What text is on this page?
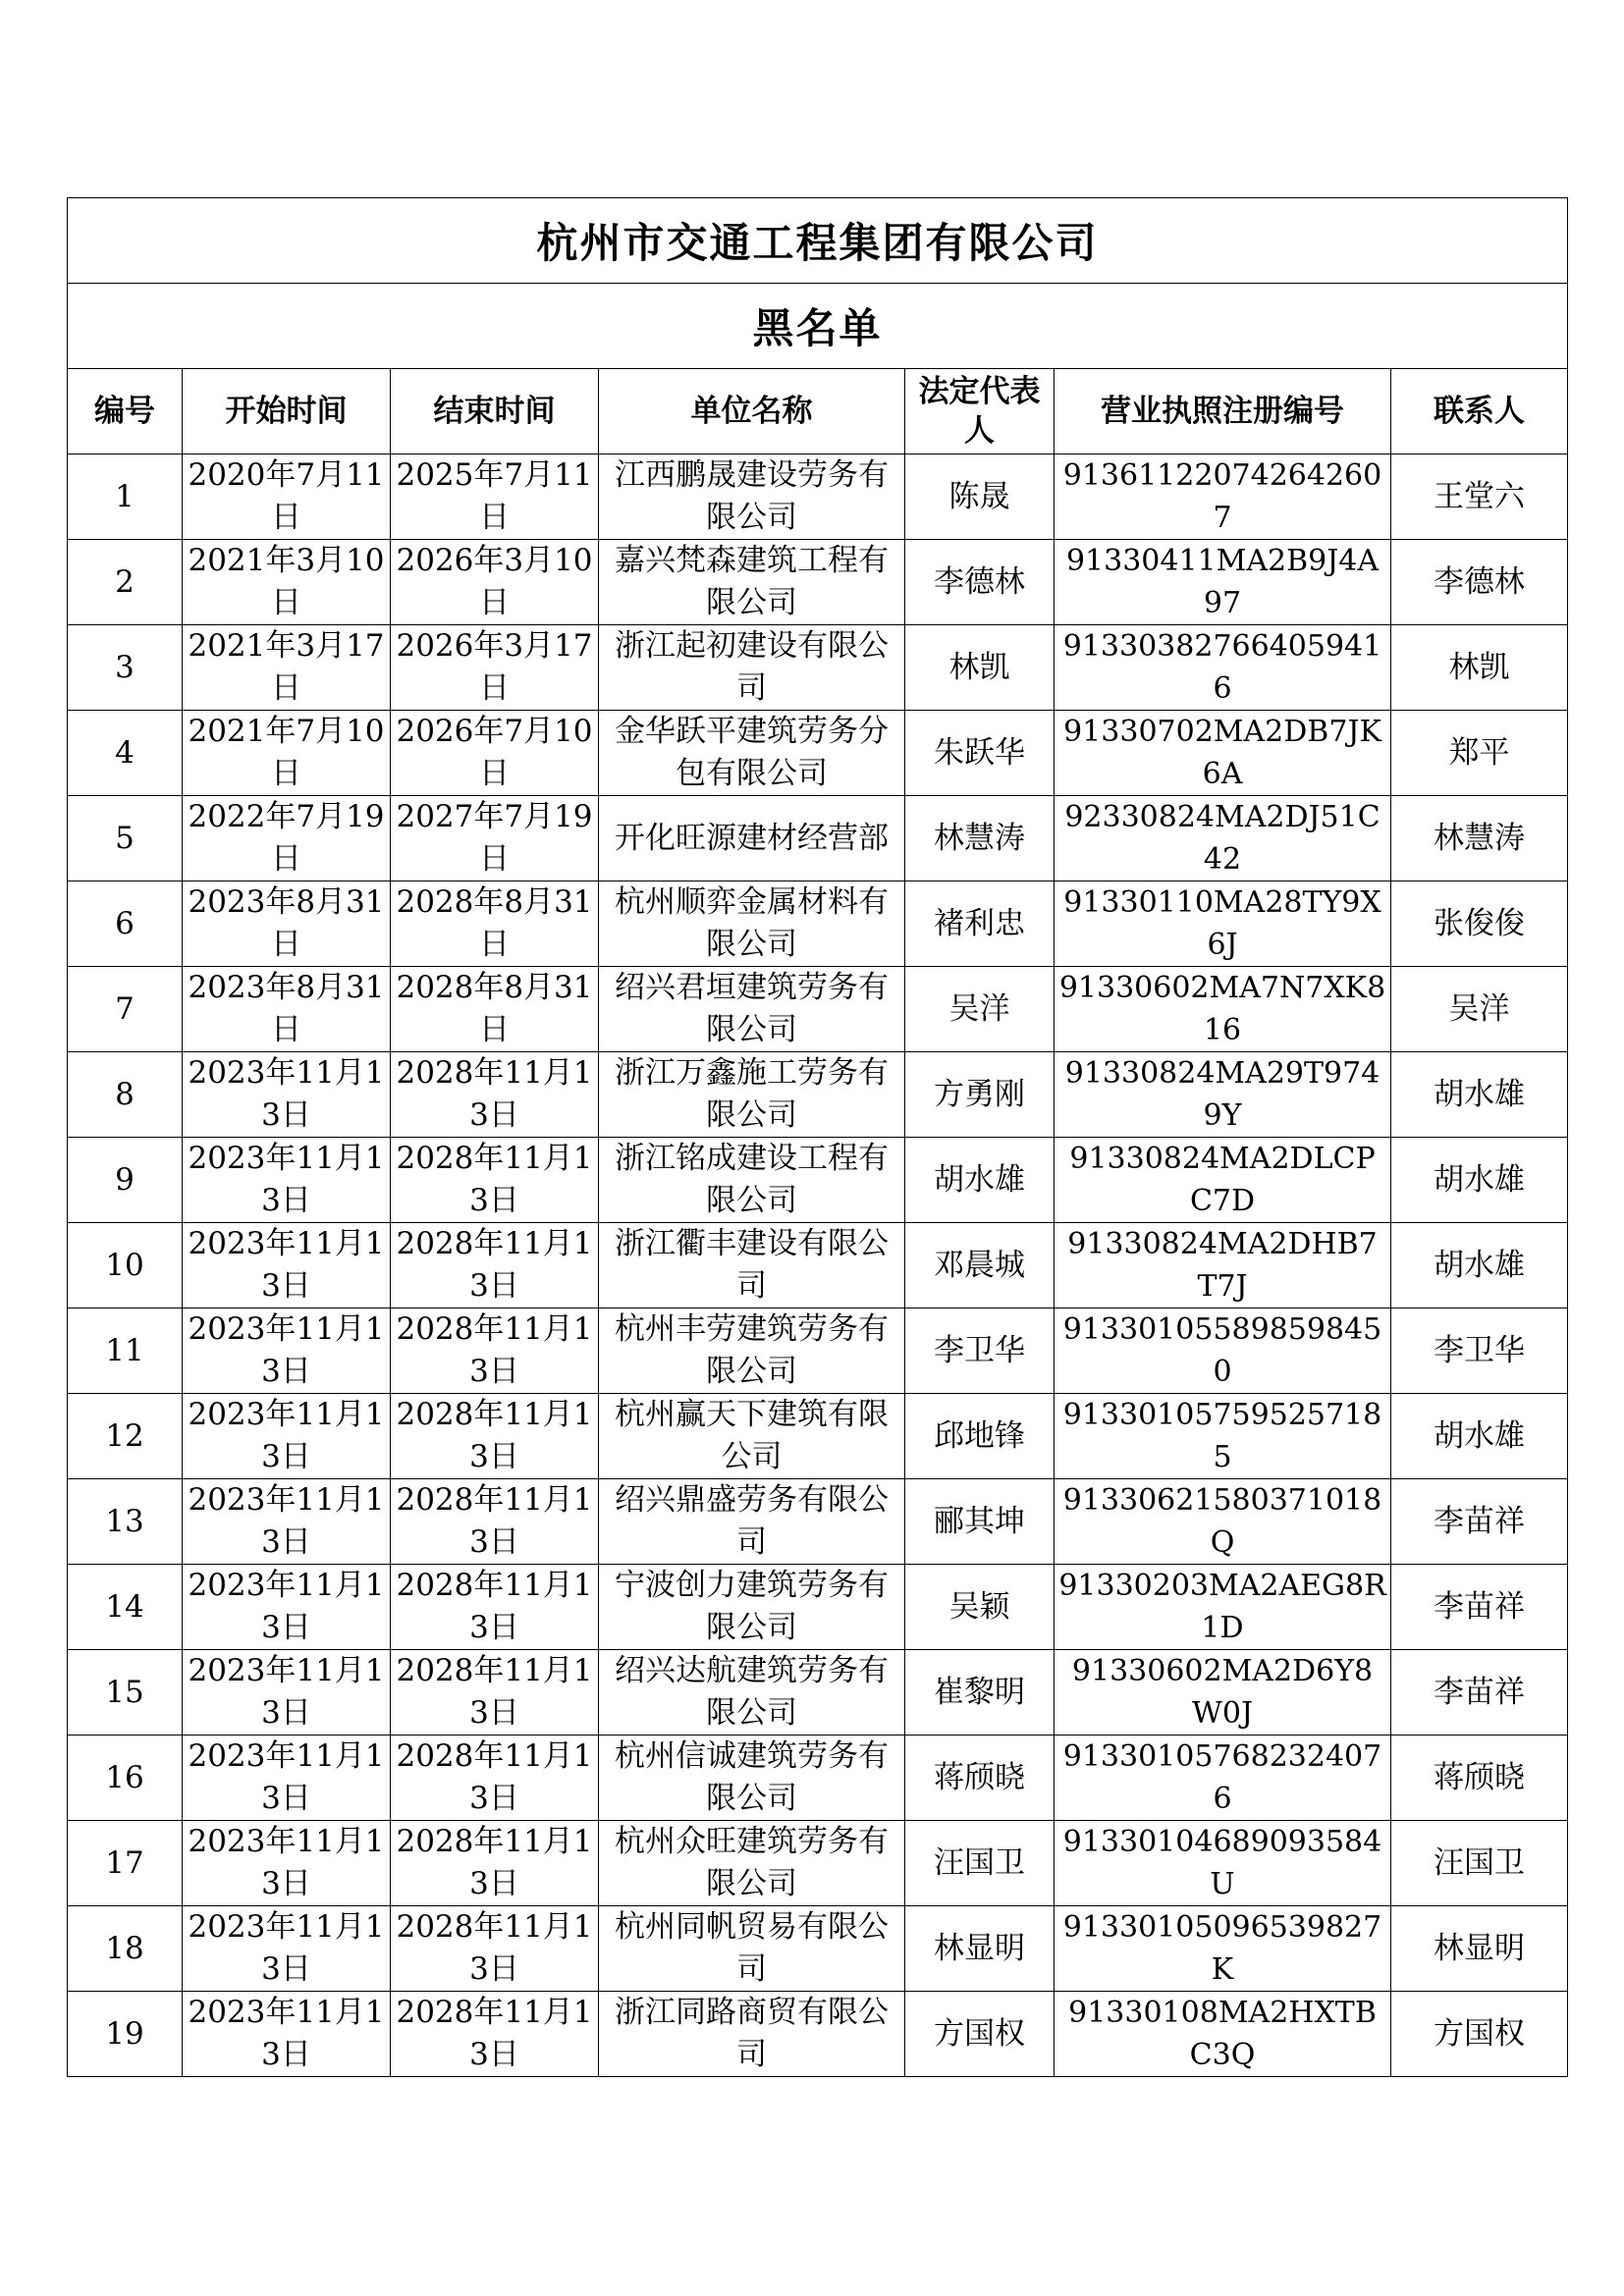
杭州市交通工程集团有限公司						
黑名单						
编号	开始时间	结束时间	单位名称	法定代表人	营业执照注册编号	联系人
1	2020年7月11日	2025年7月11日	江西鹏晟建设劳务有限公司	陈晟	913611220742642607	王堂六
2	2021年3月10日	2026年3月10日	嘉兴梵森建筑工程有限公司	李德林	91330411MA2B9J4A97	李德林
3	2021年3月17日	2026年3月17日	浙江起初建设有限公司	林凯	91330382766405941 6	林凯
4	2021年7月10日	2026年7月10日	金华跃平建筑劳务分包有限公司	朱跃华	91330702MA2DB7JK6A	郑平
5	2022年7月19日	2027年7月19日	开化旺源建材经营部	林慧涛	92330824MA2DJ51C42	林慧涛
6	2023年8月31日	2028年8月31日	杭州顺弈金属材料有限公司	褚利忠	91330110MA28TY9X6J	张俊俊
7	2023年8月31日	2028年8月31日	绍兴君垣建筑劳务有限公司	吴洋	91330602MA7N7XK816	吴洋
8	2023年11月13日	2028年11月13日	浙江万鑫施工劳务有限公司	方勇刚	91330824MA29T9749Y	胡水雄
9	2023年11月13日	2028年11月13日	浙江铭成建设工程有限公司	胡水雄	91330824MA2DLCPC7D	胡水雄
10	2023年11月13日	2028年11月13日	浙江衢丰建设有限公司	邓晨城	91330824MA2DHB7T7J	胡水雄
11	2023年11月13日	2028年11月13日	杭州丰劳建筑劳务有限公司	李卫华	913301055898598450	李卫华
12	2023年11月13日	2028年11月13日	杭州赢天下建筑有限公司	邱地锋	913301057595257185	胡水雄
13	2023年11月13日	2028年11月13日	绍兴鼎盛劳务有限公司	郦其坤	91330621580371018Q	李苗祥
14	2023年11月13日	2028年11月13日	宁波创力建筑劳务有限公司	吴颖	91330203MA2AEG8R1D	李苗祥
15	2023年11月13日	2028年11月13日	绍兴达航建筑劳务有限公司	崔黎明	91330602MA2D6Y8W0J	李苗祥
16	2023年11月13日	2028年11月13日	杭州信诚建筑劳务有限公司	蒋颀晓	913301057682324076	蒋颀晓
17	2023年11月13日	2028年11月13日	杭州众旺建筑劳务有限公司	汪国卫	91330104689093584U	汪国卫
18	2023年11月13日	2028年11月13日	杭州同帆贸易有限公司	林显明	91330105096539827K	林显明
19	2023年11月13日	2028年11月13日	浙江同路商贸有限公司	方国权	91330108MA2HXTBC3Q	方国权
